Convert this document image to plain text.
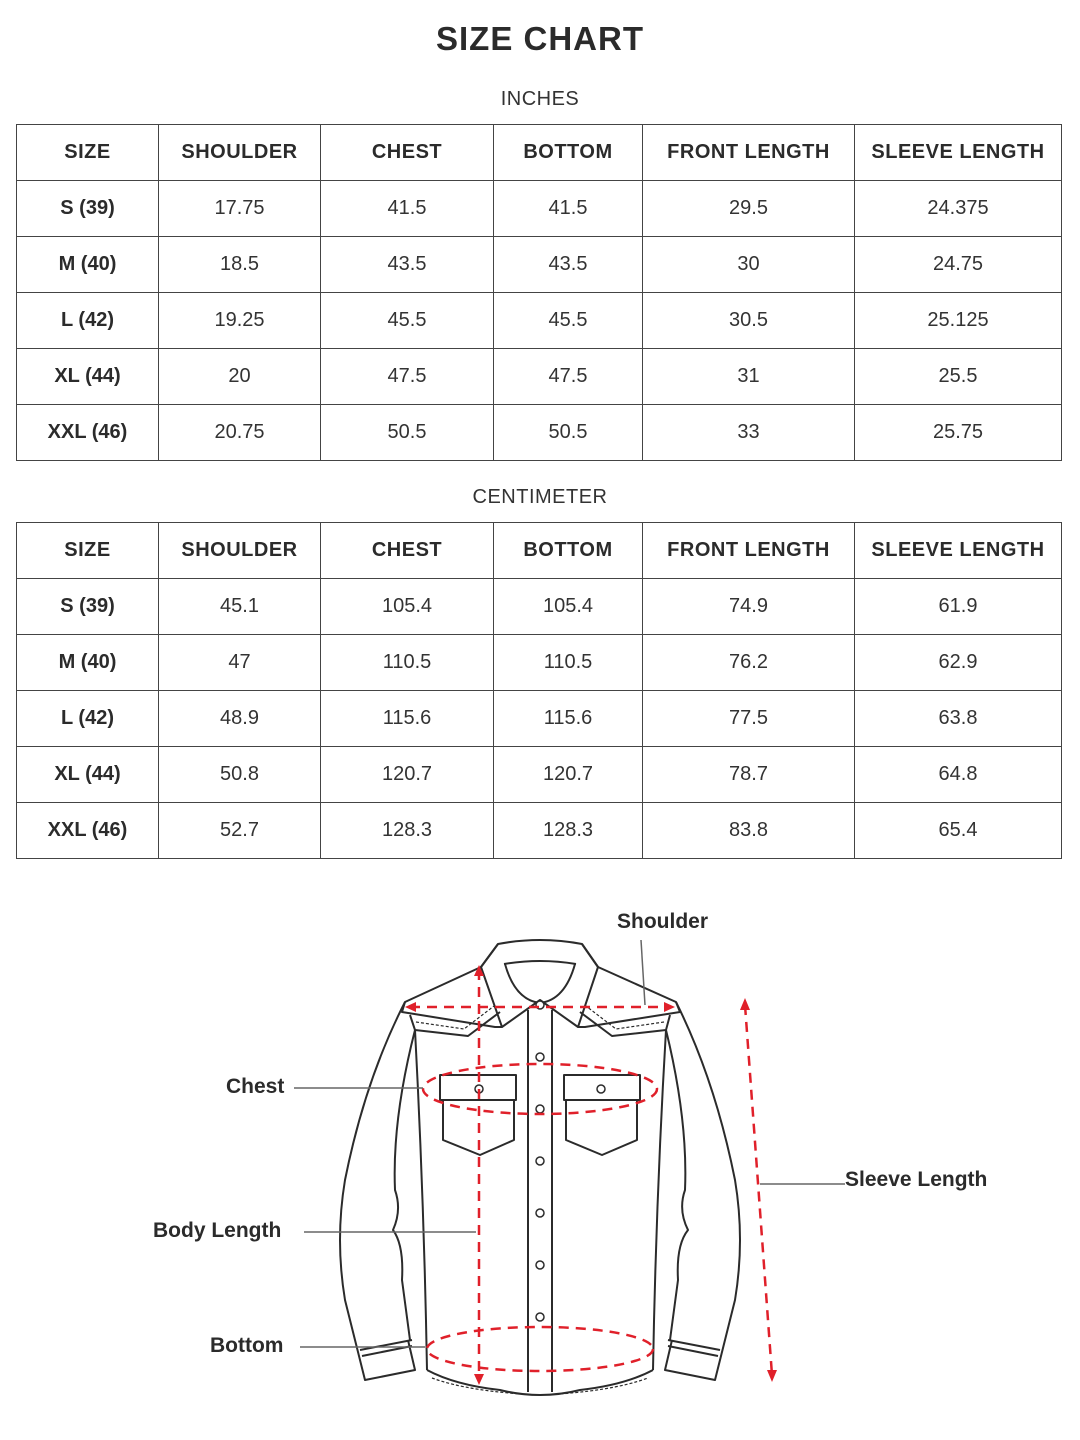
SIZE CHART
INCHES
SIZE	SHOULDER	CHEST	BOTTOM	FRONT LENGTH	SLEEVE LENGTH
S (39)	17.75	41.5	41.5	29.5	24.375
M (40)	18.5	43.5	43.5	30	24.75
L (42)	19.25	45.5	45.5	30.5	25.125
XL (44)	20	47.5	47.5	31	25.5
XXL (46)	20.75	50.5	50.5	33	25.75
CENTIMETER
SIZE	SHOULDER	CHEST	BOTTOM	FRONT LENGTH	SLEEVE LENGTH
S (39)	45.1	105.4	105.4	74.9	61.9
M (40)	47	110.5	110.5	76.2	62.9
L (42)	48.9	115.6	115.6	77.5	63.8
XL (44)	50.8	120.7	120.7	78.7	64.8
XXL (46)	52.7	128.3	128.3	83.8	65.4
Shoulder
Chest
Body Length
Bottom
Sleeve Length
